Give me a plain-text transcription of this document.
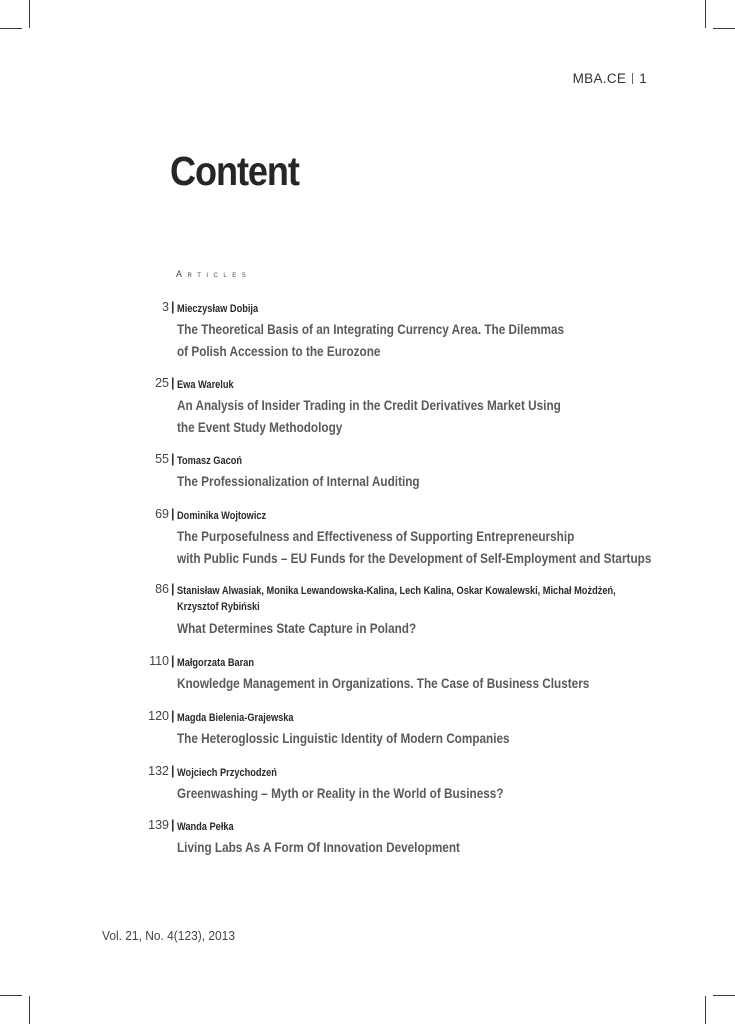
MBA.CE 1
Content
Articles
3 | Mieczysław Dobija
The Theoretical Basis of an Integrating Currency Area. The Dilemmas
of Polish Accession to the Eurozone
25 | Ewa Wareluk
An Analysis of Insider Trading in the Credit Derivatives Market Using
the Event Study Methodology
55 | Tomasz Gacoń
The Professionalization of Internal Auditing
69 | Dominika Wojtowicz
The Purposefulness and Effectiveness of Supporting Entrepreneurship
with Public Funds – EU Funds for the Development of Self-Employment and Startups
86 | Stanisław Alwasiak, Monika Lewandowska-Kalina, Lech Kalina, Oskar Kowalewski, Michał Możdżeń,
Krzysztof Rybiński
What Determines State Capture in Poland?
110 | Małgorzata Baran
Knowledge Management in Organizations. The Case of Business Clusters
120 | Magda Bielenia-Grajewska
The Heteroglossic Linguistic Identity of Modern Companies
132 | Wojciech Przychodzeń
Greenwashing – Myth or Reality in the World of Business?
139 | Wanda Pełka
Living Labs As A Form Of Innovation Development
Vol. 21, No. 4(123), 2013
